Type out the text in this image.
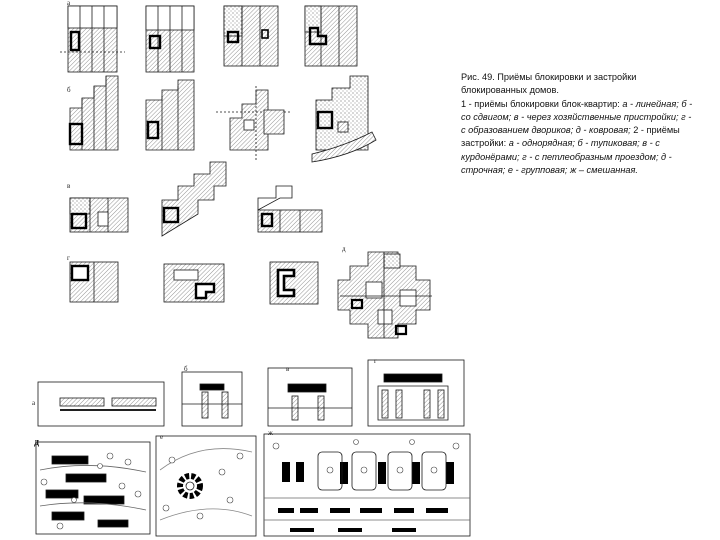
а
б
в
г
д
а
б	в
г
д	е	ж
Рис. 49. Приёмы блокировки и застройки блокированных домов.
1 - приёмы блокировки блок-квартир: а - линейная; б - со сдвигом; в - через хозяйственные пристройки; г - с образованием двориков; д - ковровая; 2 - приёмы застройки: а - однорядная; б - тупиковая; в - с курдонёрами; г - с петлеобразным проездом; д - строчная; е - групповая; ж – смешанная.
